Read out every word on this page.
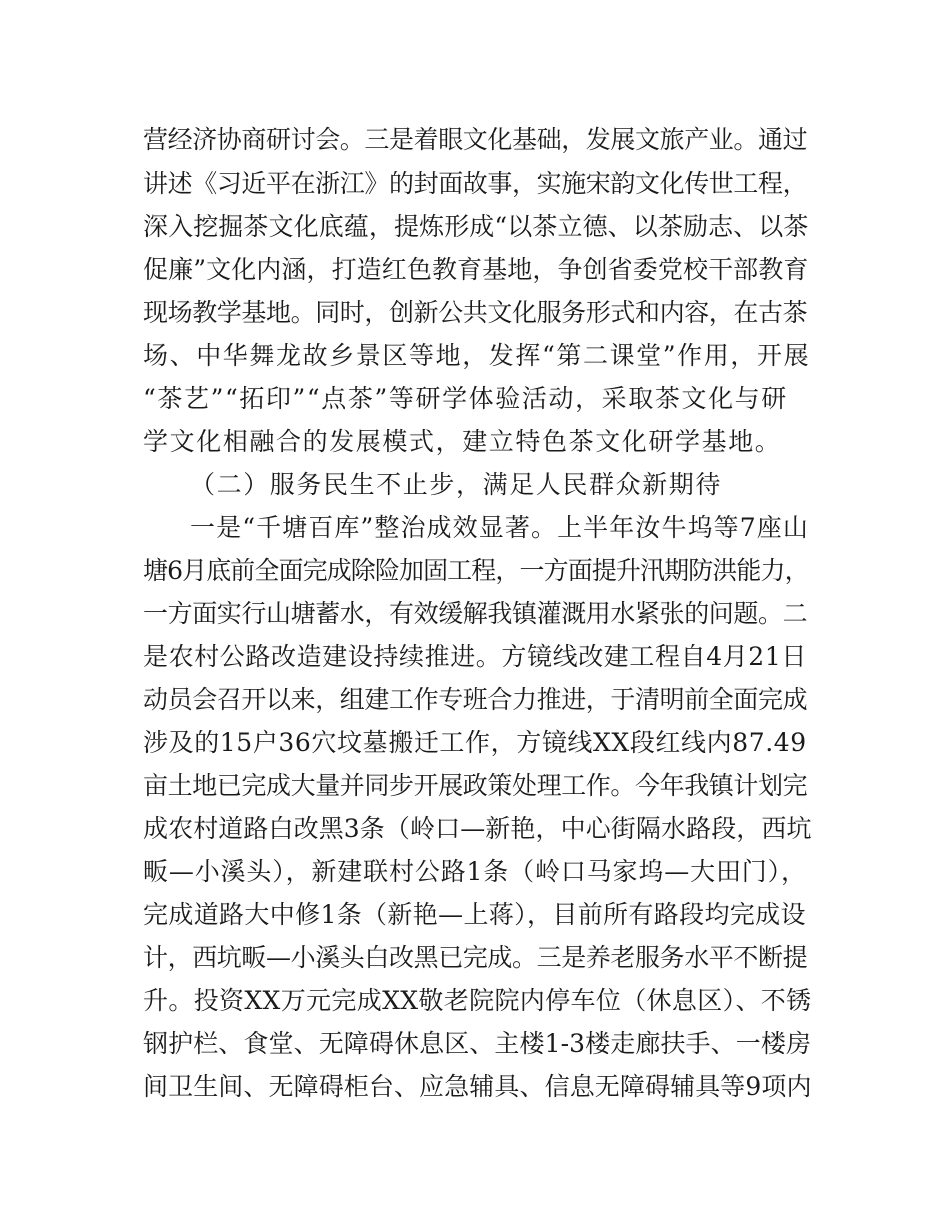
营经济协商研讨会。三是着眼文化基础，发展文旅产业。通过
讲述《习近平在浙江》的封面故事，实施宋韵文化传世工程，
深入挖掘茶文化底蕴，提炼形成“以茶立德、以茶励志、以茶
促廉”文化内涵，打造红色教育基地，争创省委党校干部教育
现场教学基地。同时，创新公共文化服务形式和内容，在古茶
场、中华舞龙故乡景区等地，发挥“第二课堂”作用，开展
“茶艺”“拓印”“点茶”等研学体验活动，采取茶文化与研
学文化相融合的发展模式，建立特色茶文化研学基地。
（二）服务民生不止步，满足人民群众新期待
一是“千塘百库”整治成效显著。上半年汝牛坞等7座山
塘6月底前全面完成除险加固工程，一方面提升汛期防洪能力，
一方面实行山塘蓄水，有效缓解我镇灌溉用水紧张的问题。二
是农村公路改造建设持续推进。方镜线改建工程自4月21日
动员会召开以来，组建工作专班合力推进，于清明前全面完成
涉及的15户36穴坟墓搬迁工作，方镜线XX段红线内87.49
亩土地已完成大量并同步开展政策处理工作。今年我镇计划完
成农村道路白改黑3条（岭口—新艳，中心街隔水路段，西坑
畈—小溪头），新建联村公路1条（岭口马家坞—大田门），
完成道路大中修1条（新艳—上蒋），目前所有路段均完成设
计，西坑畈—小溪头白改黑已完成。三是养老服务水平不断提
升。投资XX万元完成XX敬老院院内停车位（休息区）、不锈
钢护栏、食堂、无障碍休息区、主楼1-3楼走廊扶手、一楼房
间卫生间、无障碍柜台、应急辅具、信息无障碍辅具等9项内
